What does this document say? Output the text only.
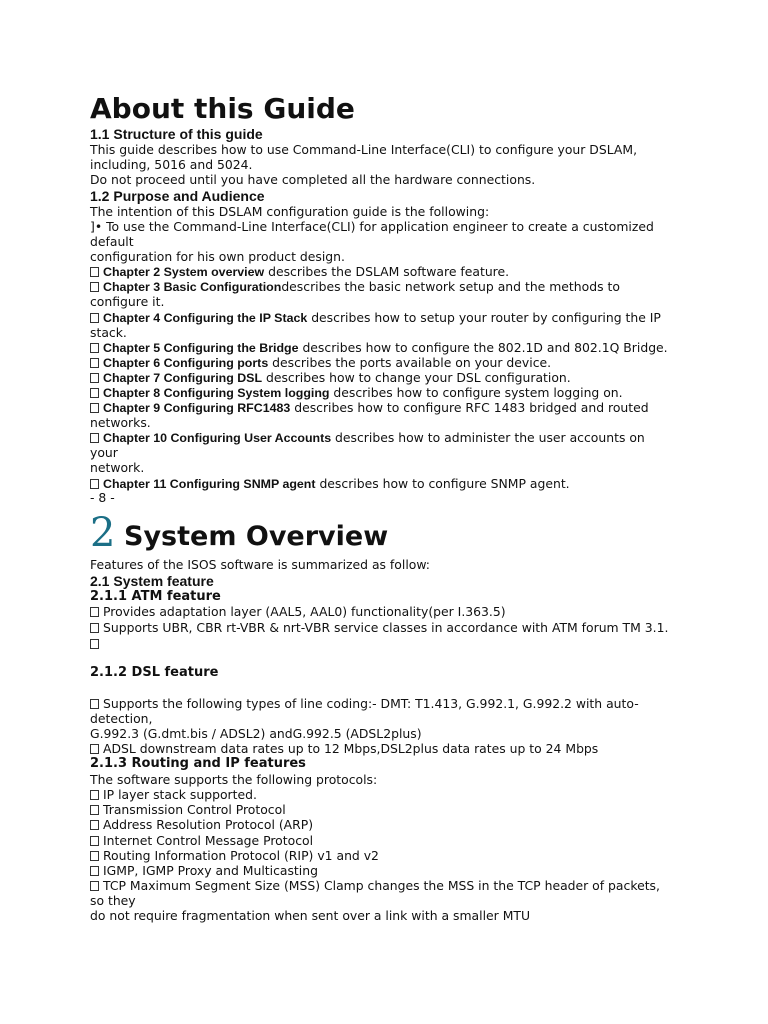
About this Guide
1.1 Structure of this guide
This guide describes how to use Command-Line Interface(CLI) to configure your DSLAM,
including, 5016 and 5024.
Do not proceed until you have completed all the hardware connections.
1.2 Purpose and Audience
The intention of this DSLAM configuration guide is the following:
]• To use the Command-Line Interface(CLI) for application engineer to create a customized
default
configuration for his own product design.
Chapter 2 System overview describes the DSLAM software feature.
Chapter 3 Basic Configurationdescribes the basic network setup and the methods to
configure it.
Chapter 4 Configuring the IP Stack describes how to setup your router by configuring the IP
stack.
Chapter 5 Configuring the Bridge describes how to configure the 802.1D and 802.1Q Bridge.
Chapter 6 Configuring ports describes the ports available on your device.
Chapter 7 Configuring DSL describes how to change your DSL configuration.
Chapter 8 Configuring System logging describes how to configure system logging on.
Chapter 9 Configuring RFC1483 describes how to configure RFC 1483 bridged and routed
networks.
Chapter 10 Configuring User Accounts describes how to administer the user accounts on
your
network.
Chapter 11 Configuring SNMP agent describes how to configure SNMP agent.
- 8 -
2 System Overview
Features of the ISOS software is summarized as follow:
2.1 System feature
2.1.1 ATM feature
Provides adaptation layer (AAL5, AAL0) functionality(per I.363.5)
Supports UBR, CBR rt-VBR & nrt-VBR service classes in accordance with ATM forum TM 3.1.
2.1.2 DSL feature
Supports the following types of line coding:- DMT: T1.413, G.992.1, G.992.2 with auto-
detection,
G.992.3 (G.dmt.bis / ADSL2) andG.992.5 (ADSL2plus)
ADSL downstream data rates up to 12 Mbps,DSL2plus data rates up to 24 Mbps
2.1.3 Routing and IP features
The software supports the following protocols:
IP layer stack supported.
Transmission Control Protocol
Address Resolution Protocol (ARP)
Internet Control Message Protocol
Routing Information Protocol (RIP) v1 and v2
IGMP, IGMP Proxy and Multicasting
TCP Maximum Segment Size (MSS) Clamp changes the MSS in the TCP header of packets,
so they
do not require fragmentation when sent over a link with a smaller MTU
